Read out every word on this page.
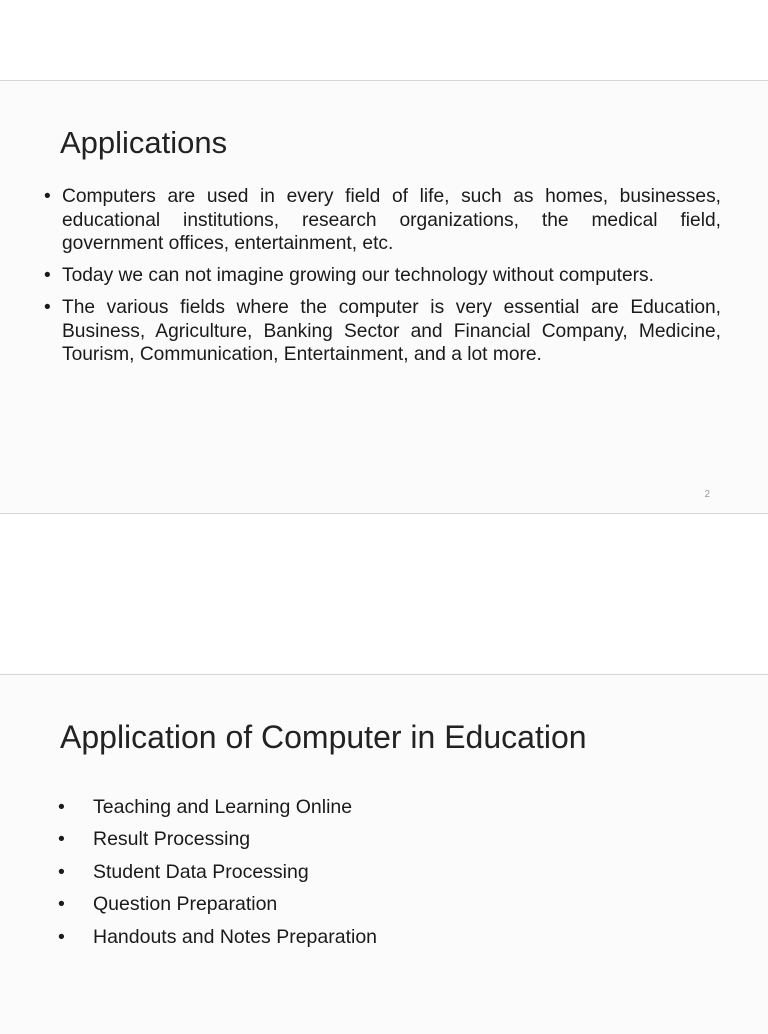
Applications
• Computers are used in every field of life, such as homes, businesses, educational institutions, research organizations, the medical field, government offices, entertainment, etc.
• Today we can not imagine growing our technology without computers.
• The various fields where the computer is very essential are Education, Business, Agriculture, Banking Sector and Financial Company, Medicine, Tourism, Communication, Entertainment, and a lot more.
2
Application of Computer in Education
• Teaching and Learning Online
• Result Processing
• Student Data Processing
• Question Preparation
• Handouts and Notes Preparation
